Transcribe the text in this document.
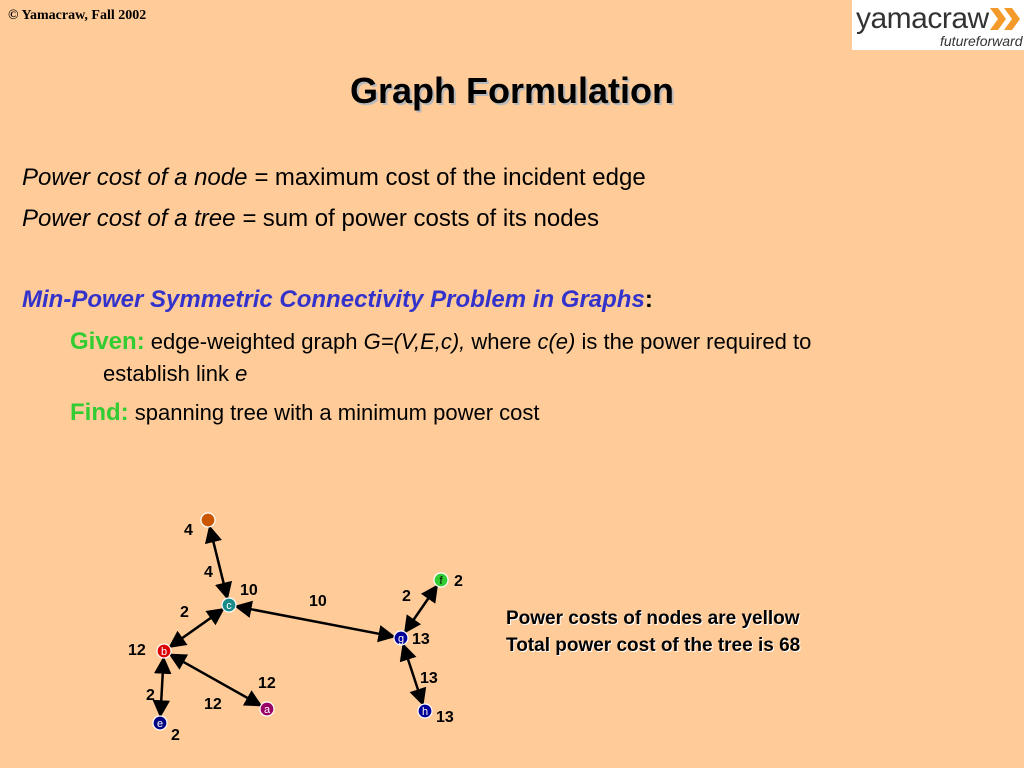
© Yamacraw, Fall 2002	yamacraw
futureforward
Graph Formulation
Power cost of a node = maximum cost of the incident edge
Power cost of a tree = sum of power costs of its nodes
Min-Power Symmetric Connectivity Problem in Graphs:
Given: edge-weighted graph G=(V,E,c), where c(e) is the power required to
establish link e
Find: spanning tree with a minimum power cost
4
2
10
2
12
2
13
d
4
c
10
b
12
e
2
a
12
f 2
g 13
h 13
Power costs of nodes are yellow
Total power cost of the tree is 68
